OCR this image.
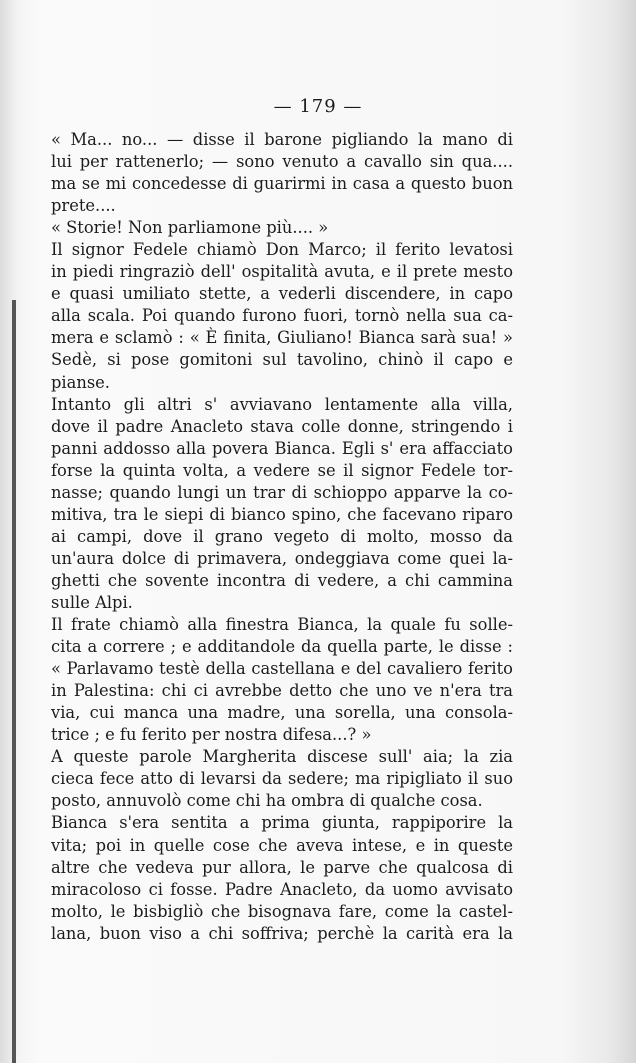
— 179 —
« Ma... no... — disse il barone pigliando la mano di
lui per rattenerlo; — sono venuto a cavallo sin qua....
ma se mi concedesse di guarirmi in casa a questo buon
prete....
« Storie! Non parliamone più.... »
Il signor Fedele chiamò Don Marco; il ferito levatosi
in piedi ringraziò dell' ospitalità avuta, e il prete mesto
e quasi umiliato stette, a vederli discendere, in capo
alla scala. Poi quando furono fuori, tornò nella sua ca-
mera e sclamò : « È finita, Giuliano! Bianca sarà sua! »
Sedè, si pose gomitoni sul tavolino, chinò il capo e
pianse.
Intanto gli altri s' avviavano lentamente alla villa,
dove il padre Anacleto stava colle donne, stringendo i
panni addosso alla povera Bianca. Egli s' era affacciato
forse la quinta volta, a vedere se il signor Fedele tor-
nasse; quando lungi un trar di schioppo apparve la co-
mitiva, tra le siepi di bianco spino, che facevano riparo
ai campi, dove il grano vegeto di molto, mosso da
un'aura dolce di primavera, ondeggiava come quei la-
ghetti che sovente incontra di vedere, a chi cammina
sulle Alpi.
Il frate chiamò alla finestra Bianca, la quale fu solle-
cita a correre ; e additandole da quella parte, le disse :
« Parlavamo testè della castellana e del cavaliero ferito
in Palestina: chi ci avrebbe detto che uno ve n'era tra
via, cui manca una madre, una sorella, una consola-
trice ; e fu ferito per nostra difesa...? »
A queste parole Margherita discese sull' aia; la zia
cieca fece atto di levarsi da sedere; ma ripigliato il suo
posto, annuvolò come chi ha ombra di qualche cosa.
Bianca s'era sentita a prima giunta, rappiporire la
vita; poi in quelle cose che aveva intese, e in queste
altre che vedeva pur allora, le parve che qualcosa di
miracoloso ci fosse. Padre Anacleto, da uomo avvisato
molto, le bisbigliò che bisognava fare, come la castel-
lana, buon viso a chi soffriva; perchè la carità era la
